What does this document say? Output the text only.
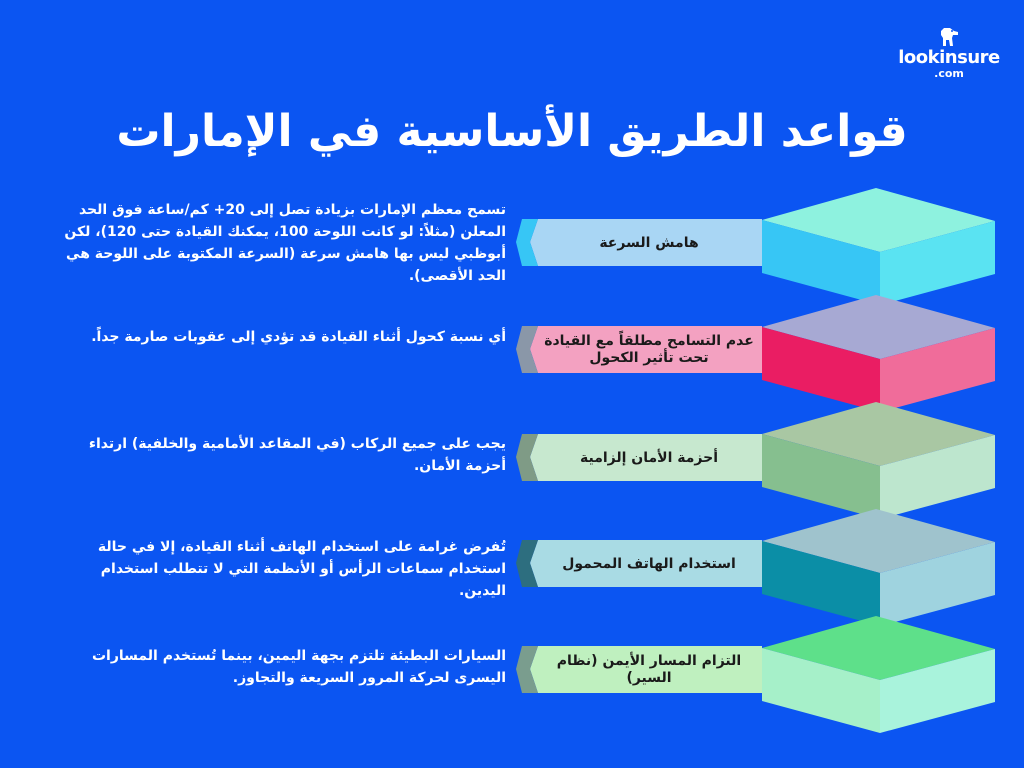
lookinsure
.com
قواعد الطريق الأساسية في الإمارات

تسمح معظم الإمارات بزيادة تصل إلى 20+ كم/ساعة فوق الحد المعلن (مثلاً: لو كانت اللوحة 100، يمكنك القيادة حتى 120)، لكن أبوظبي ليس بها هامش سرعة (السرعة المكتوبة على اللوحة هي الحد الأقصى).

أي نسبة كحول أثناء القيادة قد تؤدي إلى عقوبات صارمة جداً.

يجب على جميع الركاب (في المقاعد الأمامية والخلفية) ارتداء أحزمة الأمان.

تُفرض غرامة على استخدام الهاتف أثناء القيادة، إلا في حالة استخدام سماعات الرأس أو الأنظمة التي لا تتطلب استخدام اليدين.

السيارات البطيئة تلتزم بجهة اليمين، بينما تُستخدم المسارات اليسرى لحركة المرور السريعة والتجاوز.

هامش السرعة
عدم التسامح مطلقاً مع القيادة تحت تأثير الكحول
أحزمة الأمان إلزامية
استخدام الهاتف المحمول
التزام المسار الأيمن (نظام السير)
